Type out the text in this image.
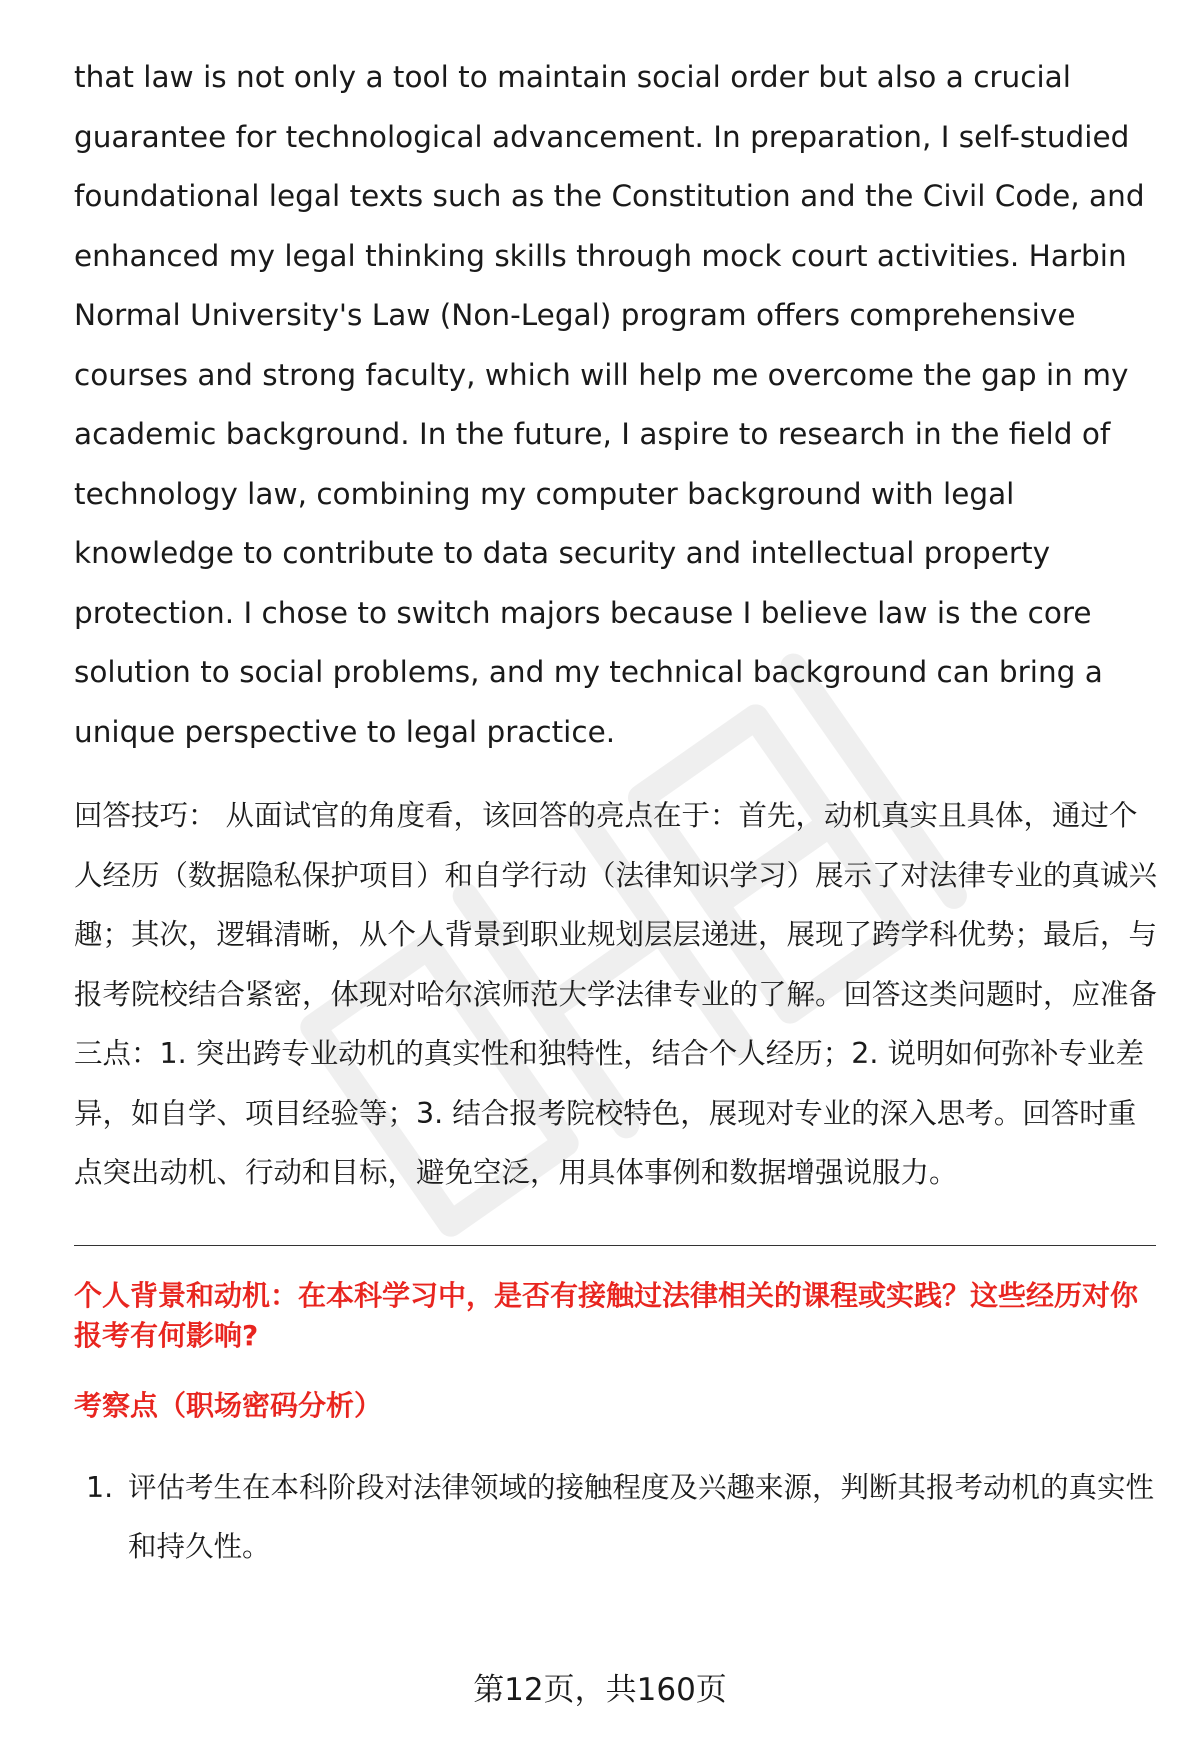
that law is not only a tool to maintain social order but also a crucial guarantee for technological advancement. In preparation, I self-studied foundational legal texts such as the Constitution and the Civil Code, and enhanced my legal thinking skills through mock court activities. Harbin Normal University's Law (Non-Legal) program offers comprehensive courses and strong faculty, which will help me overcome the gap in my academic background. In the future, I aspire to research in the field of technology law, combining my computer background with legal knowledge to contribute to data security and intellectual property protection. I chose to switch majors because I believe law is the core solution to social problems, and my technical background can bring a unique perspective to legal practice.

回答技巧： 从面试官的角度看，该回答的亮点在于：首先，动机真实且具体，通过个人经历（数据隐私保护项目）和自学行动（法律知识学习）展示了对法律专业的真诚兴趣；其次，逻辑清晰，从个人背景到职业规划层层递进，展现了跨学科优势；最后，与报考院校结合紧密，体现对哈尔滨师范大学法律专业的了解。回答这类问题时，应准备三点：1. 突出跨专业动机的真实性和独特性，结合个人经历；2. 说明如何弥补专业差异，如自学、项目经验等；3. 结合报考院校特色，展现对专业的深入思考。回答时重点突出动机、行动和目标，避免空泛，用具体事例和数据增强说服力。

个人背景和动机：在本科学习中，是否有接触过法律相关的课程或实践？这些经历对你报考有何影响?
考察点（职场密码分析）
1. 评估考生在本科阶段对法律领域的接触程度及兴趣来源，判断其报考动机的真实性和持久性。
第12页，共160页
